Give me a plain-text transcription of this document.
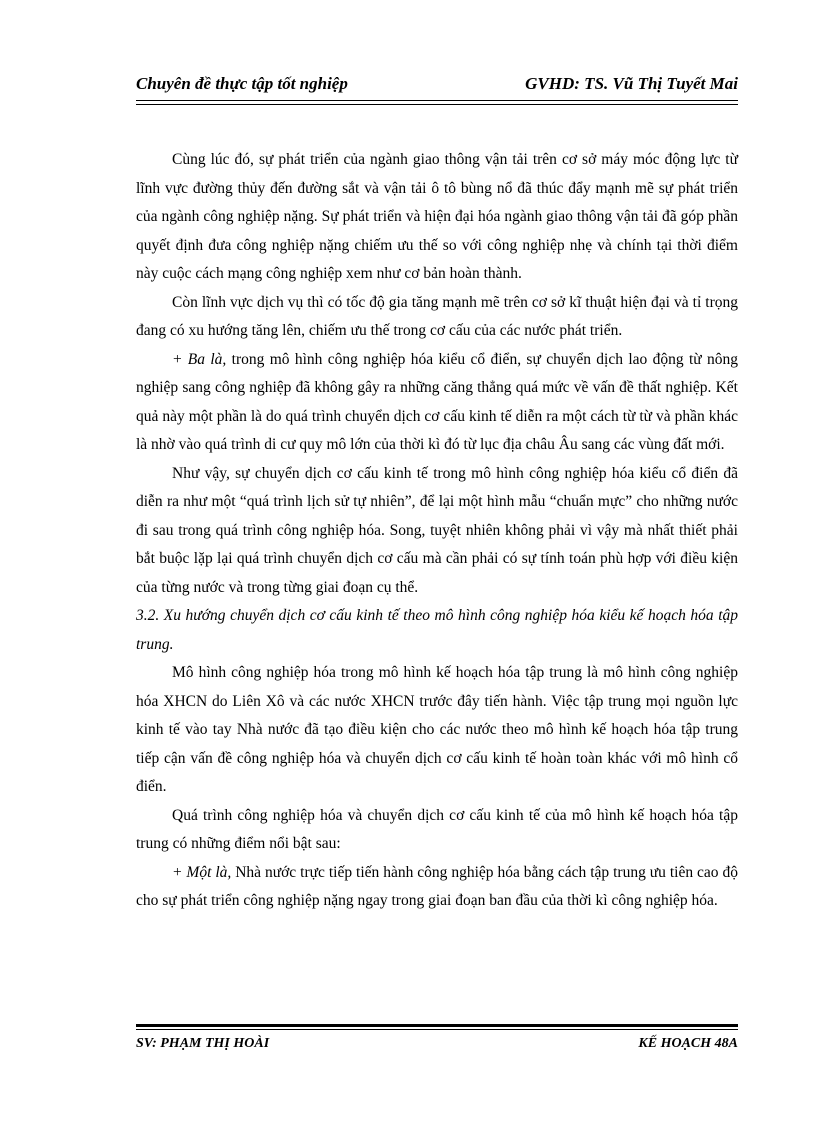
Chuyên đề thực tập tốt nghiệp	GVHD: TS. Vũ Thị Tuyết Mai

Cùng lúc đó, sự phát triển của ngành giao thông vận tải trên cơ sở máy móc động lực từ lĩnh vực đường thủy đến đường sắt và vận tải ô tô bùng nổ đã thúc đẩy mạnh mẽ sự phát triển của ngành công nghiệp nặng. Sự phát triển và hiện đại hóa ngành giao thông vận tải đã góp phần quyết định đưa công nghiệp nặng chiếm ưu thế so với công nghiệp nhẹ và chính tại thời điểm này cuộc cách mạng công nghiệp xem như cơ bản hoàn thành.

Còn lĩnh vực dịch vụ thì có tốc độ gia tăng mạnh mẽ trên cơ sở kĩ thuật hiện đại và tỉ trọng đang có xu hướng tăng lên, chiếm ưu thế trong cơ cấu của các nước phát triển.

+ Ba là, trong mô hình công nghiệp hóa kiểu cổ điển, sự chuyển dịch lao động từ nông nghiệp sang công nghiệp đã không gây ra những căng thẳng quá mức về vấn đề thất nghiệp. Kết quả này một phần là do quá trình chuyển dịch cơ cấu kinh tế diễn ra một cách từ từ và phần khác là nhờ vào quá trình di cư quy mô lớn của thời kì đó từ lục địa châu Âu sang các vùng đất mới.

Như vậy, sự chuyển dịch cơ cấu kinh tế trong mô hình công nghiệp hóa kiểu cổ điển đã diễn ra như một “quá trình lịch sử tự nhiên”, để lại một hình mẫu “chuẩn mực” cho những nước đi sau trong quá trình công nghiệp hóa. Song, tuyệt nhiên không phải vì vậy mà nhất thiết phải bắt buộc lặp lại quá trình chuyển dịch cơ cấu mà cần phải có sự tính toán phù hợp với điều kiện của từng nước và trong từng giai đoạn cụ thể.

3.2. Xu hướng chuyển dịch cơ cấu kinh tế theo mô hình công nghiệp hóa kiểu kế hoạch hóa tập trung.

Mô hình công nghiệp hóa trong mô hình kế hoạch hóa tập trung là mô hình công nghiệp hóa XHCN do Liên Xô và các nước XHCN trước đây tiến hành. Việc tập trung mọi nguồn lực kinh tế vào tay Nhà nước đã tạo điều kiện cho các nước theo mô hình kế hoạch hóa tập trung tiếp cận vấn đề công nghiệp hóa và chuyển dịch cơ cấu kinh tế hoàn toàn khác với mô hình cổ điển.

Quá trình công nghiệp hóa và chuyển dịch cơ cấu kinh tế của mô hình kế hoạch hóa tập trung có những điểm nổi bật sau:

+ Một là, Nhà nước trực tiếp tiến hành công nghiệp hóa bằng cách tập trung ưu tiên cao độ cho sự phát triển công nghiệp nặng ngay trong giai đoạn ban đầu của thời kì công nghiệp hóa.

SV: PHẠM THỊ HOÀI	KẾ HOẠCH 48A
